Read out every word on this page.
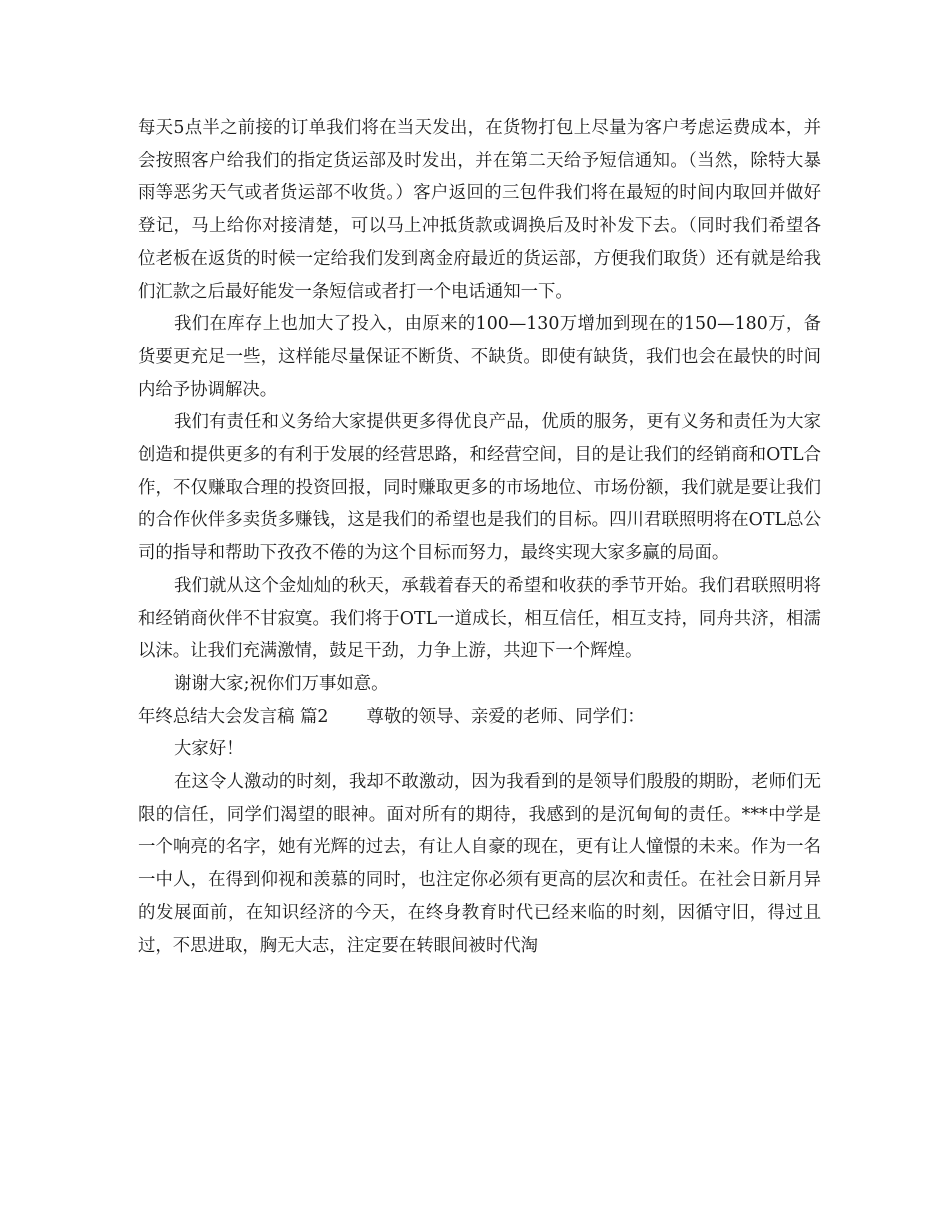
每天5点半之前接的订单我们将在当天发出，在货物打包上尽量为客户考虑运费成本，并会按照客户给我们的指定货运部及时发出，并在第二天给予短信通知。（当然，除特大暴雨等恶劣天气或者货运部不收货。）客户返回的三包件我们将在最短的时间内取回并做好登记，马上给你对接清楚，可以马上冲抵货款或调换后及时补发下去。（同时我们希望各位老板在返货的时候一定给我们发到离金府最近的货运部，方便我们取货）还有就是给我们汇款之后最好能发一条短信或者打一个电话通知一下。

我们在库存上也加大了投入，由原来的100—130万增加到现在的150—180万，备货要更充足一些，这样能尽量保证不断货、不缺货。即使有缺货，我们也会在最快的时间内给予协调解决。

我们有责任和义务给大家提供更多得优良产品，优质的服务，更有义务和责任为大家创造和提供更多的有利于发展的经营思路，和经营空间，目的是让我们的经销商和OTL合作，不仅赚取合理的投资回报，同时赚取更多的市场地位、市场份额，我们就是要让我们的合作伙伴多卖货多赚钱，这是我们的希望也是我们的目标。四川君联照明将在OTL总公司的指导和帮助下孜孜不倦的为这个目标而努力，最终实现大家多赢的局面。

我们就从这个金灿灿的秋天，承载着春天的希望和收获的季节开始。我们君联照明将和经销商伙伴不甘寂寞。我们将于OTL一道成长，相互信任，相互支持，同舟共济，相濡以沫。让我们充满激情，鼓足干劲，力争上游，共迎下一个辉煌。

谢谢大家;祝你们万事如意。

年终总结大会发言稿 篇2 尊敬的领导、亲爱的老师、同学们：

大家好！

在这令人激动的时刻，我却不敢激动，因为我看到的是领导们殷殷的期盼，老师们无限的信任，同学们渴望的眼神。面对所有的期待，我感到的是沉甸甸的责任。***中学是一个响亮的名字，她有光辉的过去，有让人自豪的现在，更有让人憧憬的未来。作为一名一中人，在得到仰视和羡慕的同时，也注定你必须有更高的层次和责任。在社会日新月异的发展面前，在知识经济的今天，在终身教育时代已经来临的时刻，因循守旧，得过且过，不思进取，胸无大志，注定要在转眼间被时代淘
